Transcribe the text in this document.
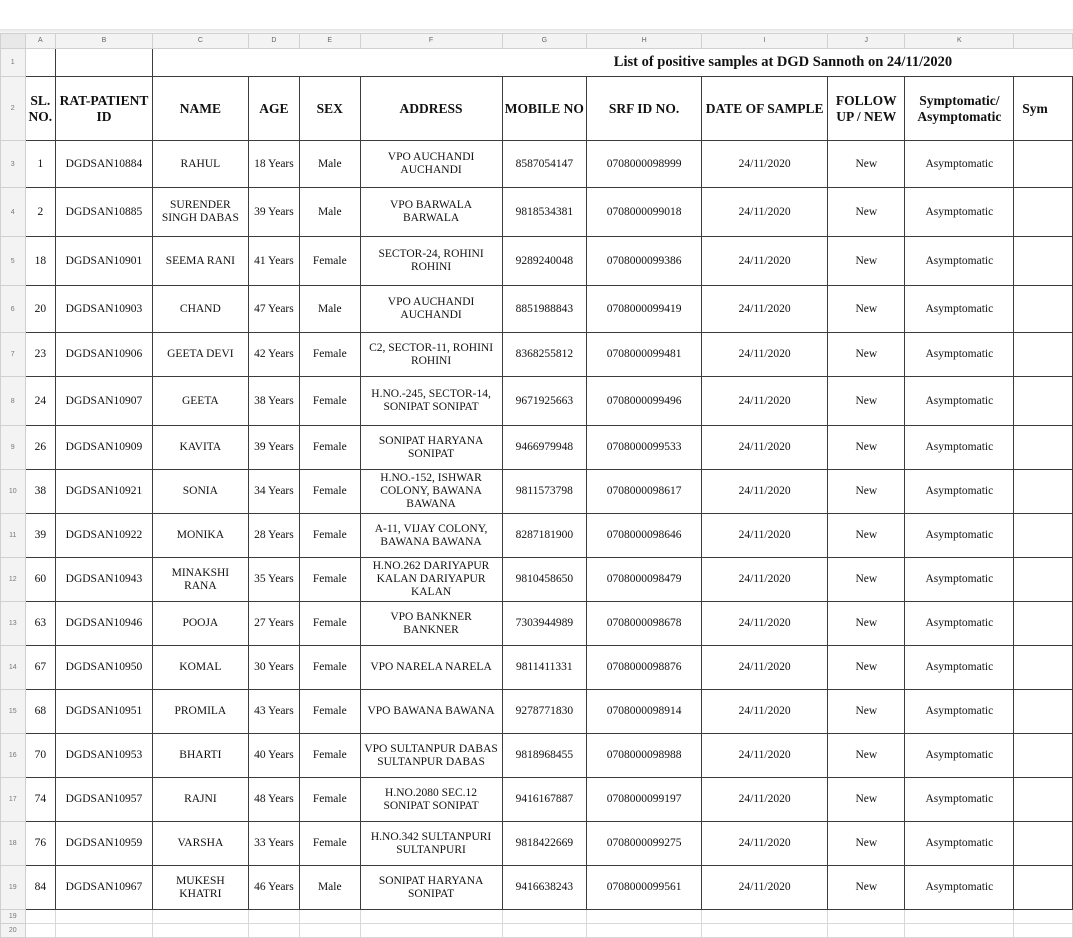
	A	B	C	D	E	F	G	H	I	J	K	
1			List of positive samples at DGD Sannoth on 24/11/2020									
2	SL. NO.	RAT-PATIENT ID	NAME	AGE	SEX	ADDRESS	MOBILE NO	SRF ID NO.	DATE OF SAMPLE	FOLLOW UP / NEW	Symptomatic/ Asymptomatic	Sym
3	1	DGDSAN10884	RAHUL	18 Years	Male	VPO AUCHANDI AUCHANDI	8587054147	0708000098999	24/11/2020	New	Asymptomatic	
4	2	DGDSAN10885	SURENDER SINGH DABAS	39 Years	Male	VPO BARWALA BARWALA	9818534381	0708000099018	24/11/2020	New	Asymptomatic	
5	18	DGDSAN10901	SEEMA RANI	41 Years	Female	SECTOR-24, ROHINI ROHINI	9289240048	0708000099386	24/11/2020	New	Asymptomatic	
6	20	DGDSAN10903	CHAND	47 Years	Male	VPO AUCHANDI AUCHANDI	8851988843	0708000099419	24/11/2020	New	Asymptomatic	
7	23	DGDSAN10906	GEETA DEVI	42 Years	Female	C2, SECTOR-11, ROHINI ROHINI	8368255812	0708000099481	24/11/2020	New	Asymptomatic	
8	24	DGDSAN10907	GEETA	38 Years	Female	H.NO.-245, SECTOR-14, SONIPAT SONIPAT	9671925663	0708000099496	24/11/2020	New	Asymptomatic	
9	26	DGDSAN10909	KAVITA	39 Years	Female	SONIPAT HARYANA SONIPAT	9466979948	0708000099533	24/11/2020	New	Asymptomatic	
10	38	DGDSAN10921	SONIA	34 Years	Female	H.NO.-152, ISHWAR COLONY, BAWANA BAWANA	9811573798	0708000098617	24/11/2020	New	Asymptomatic	
11	39	DGDSAN10922	MONIKA	28 Years	Female	A-11, VIJAY COLONY, BAWANA BAWANA	8287181900	0708000098646	24/11/2020	New	Asymptomatic	
12	60	DGDSAN10943	MINAKSHI RANA	35 Years	Female	H.NO.262 DARIYAPUR KALAN DARIYAPUR KALAN	9810458650	0708000098479	24/11/2020	New	Asymptomatic	
13	63	DGDSAN10946	POOJA	27 Years	Female	VPO BANKNER BANKNER	7303944989	0708000098678	24/11/2020	New	Asymptomatic	
14	67	DGDSAN10950	KOMAL	30 Years	Female	VPO NARELA NARELA	9811411331	0708000098876	24/11/2020	New	Asymptomatic	
15	68	DGDSAN10951	PROMILA	43 Years	Female	VPO BAWANA BAWANA	9278771830	0708000098914	24/11/2020	New	Asymptomatic	
16	70	DGDSAN10953	BHARTI	40 Years	Female	VPO SULTANPUR DABAS SULTANPUR DABAS	9818968455	0708000098988	24/11/2020	New	Asymptomatic	
17	74	DGDSAN10957	RAJNI	48 Years	Female	H.NO.2080 SEC.12 SONIPAT SONIPAT	9416167887	0708000099197	24/11/2020	New	Asymptomatic	
18	76	DGDSAN10959	VARSHA	33 Years	Female	H.NO.342 SULTANPURI SULTANPURI	9818422669	0708000099275	24/11/2020	New	Asymptomatic	
19	84	DGDSAN10967	MUKESH KHATRI	46 Years	Male	SONIPAT HARYANA SONIPAT	9416638243	0708000099561	24/11/2020	New	Asymptomatic	
19												
20												
